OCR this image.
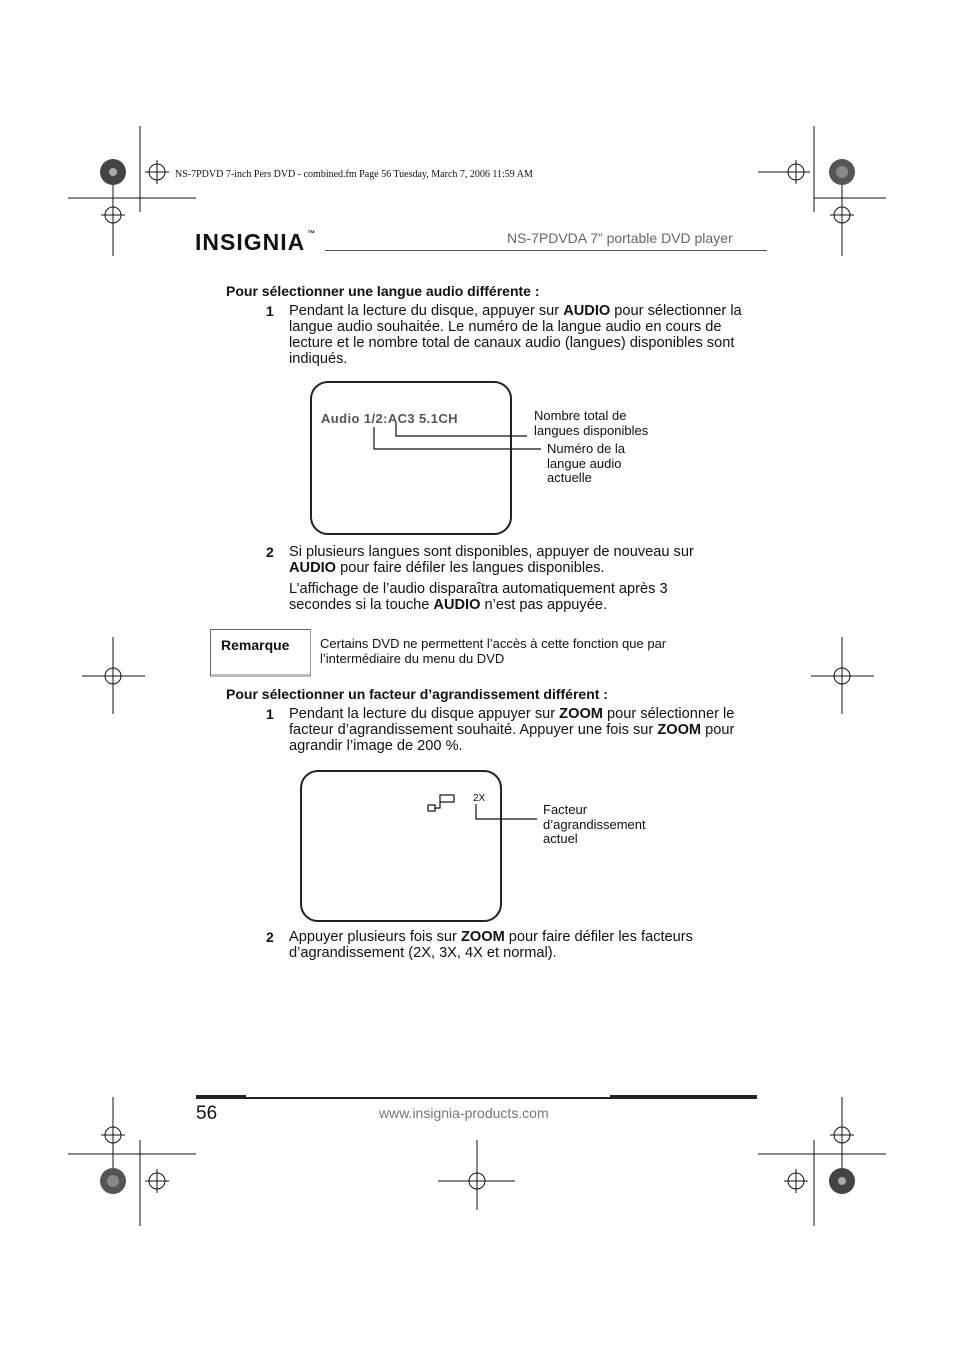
NS-7PDVD 7-inch Pers DVD - combined.fm Page 56 Tuesday, March 7, 2006 11:59 AM
INSIGNIA ™	NS-7PDVDA 7” portable DVD player
Pour sélectionner une langue audio différente :
1 Pendant la lecture du disque, appuyer sur AUDIO pour sélectionner la langue audio souhaitée. Le numéro de la langue audio en cours de lecture et le nombre total de canaux audio (langues) disponibles sont indiqués.
Audio 1/2:AC3 5.1CH	Nombre total de
langues disponibles
Numéro de la
langue audio
actuelle
2 Si plusieurs langues sont disponibles, appuyer de nouveau sur AUDIO pour faire défiler les langues disponibles.
L’affichage de l’audio disparaîtra automatiquement après 3 secondes si la touche AUDIO n’est pas appuyée.
Remarque Certains DVD ne permettent l’accès à cette fonction que par
l’intermédiaire du menu du DVD
Pour sélectionner un facteur d’agrandissement différent :
1 Pendant la lecture du disque appuyer sur ZOOM pour sélectionner le facteur d’agrandissement souhaité. Appuyer une fois sur ZOOM pour agrandir l’image de 200 %.
2X
Facteur
d’agrandissement
actuel
2 Appuyer plusieurs fois sur ZOOM pour faire défiler les facteurs d’agrandissement (2X, 3X, 4X et normal).
56	www.insignia-products.com
